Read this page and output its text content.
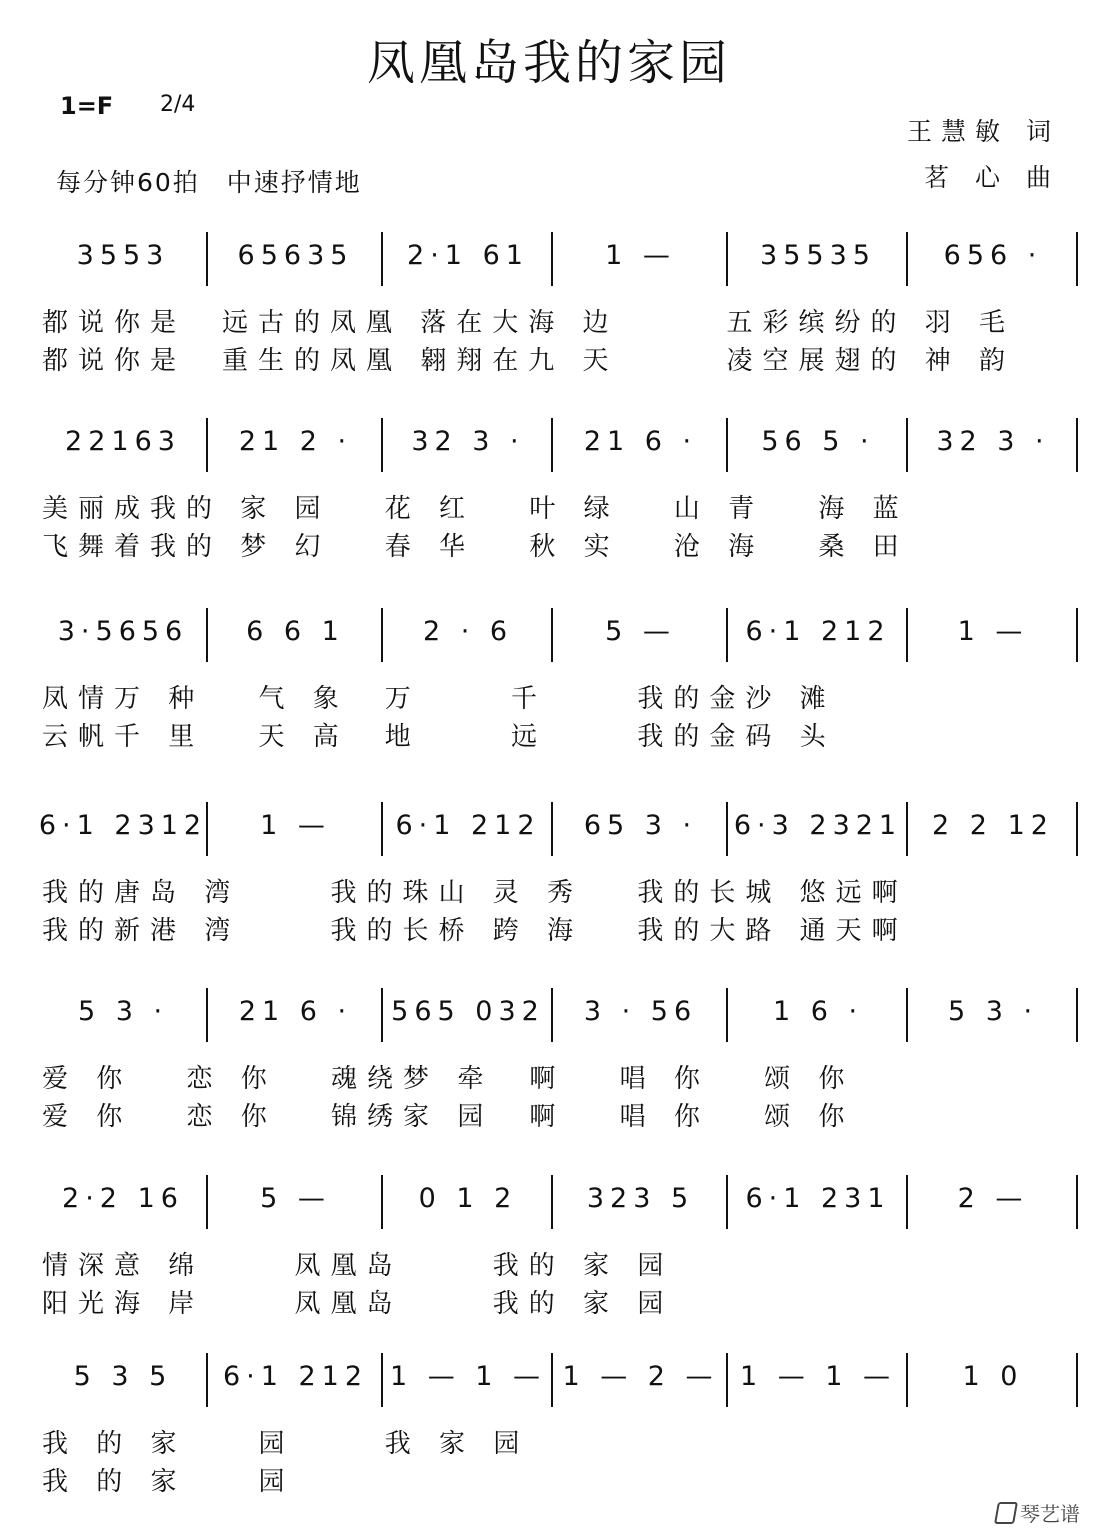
凤凰岛我的家园
1=F 2/4
王慧敏 词
茗 心 曲
每分钟60拍　中速抒情地
3553	65635	2·1 61	1 —	35535	656 ·
都说你是　远古的凤凰 落在大海 边　　　五彩缤纷的 羽 毛
都说你是　重生的凤凰 翱翔在九 天　　　凌空展翅的 神 韵
22163	21 2 ·	32 3 ·	21 6 ·	56 5 ·	32 3 ·
美丽成我的 家 园　 花 红　 叶 绿　 山 青　 海 蓝
飞舞着我的 梦 幻　 春 华　 秋 实　 沧 海　 桑 田
3·5656	6 6 1	2 · 6	5 —	6·1 212	1 —
凤情万 种　 气 象　万　　 千　　 我的金沙 滩
云帆千 里　 天 高　地　　 远　　 我的金码 头
6·1 2312	1 —	6·1 212	65 3 ·	6·3 2321	2 2 12
我的唐岛 湾　　 我的珠山 灵 秀　 我的长城 悠远啊
我的新港 湾　　 我的长桥 跨 海　 我的大路 通天啊
5 3 ·	21 6 ·	565 032	3 · 56	1 6 ·	5 3 ·
爱 你　 恋 你　 魂绕梦 牵　啊　 唱 你　 颂 你
爱 你　 恋 你　 锦绣家 园　啊　 唱 你　 颂 你
2·2 16	5 —	0 1 2	323 5	6·1 231	2 —
情深意 绵　　 凤凰岛　　 我的 家 园
阳光海 岸　　 凤凰岛　　 我的 家 园
5 3 5	6·1 212 1 — 1 — 1 — 2 — 1 — 1 —	1 0
我 的 家　　园　　 我 家 园
我 的 家　　园
琴艺谱
